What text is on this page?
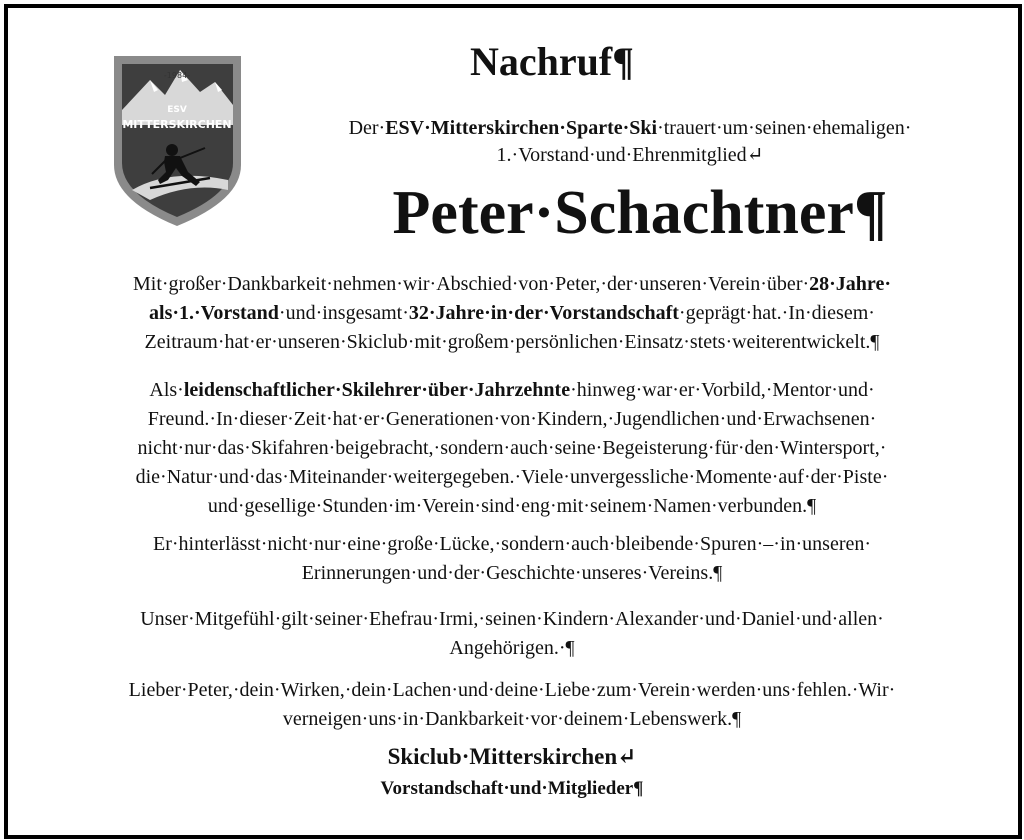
-1984-
ESV
MITTERSKIRCHEN
Nachruf¶
Der·ESV·Mitterskirchen·Sparte·Ski·trauert·um·seinen·ehemaligen·
1.·Vorstand·und·Ehrenmitglied↵
Peter·Schachtner¶
Mit·großer·Dankbarkeit·nehmen·wir·Abschied·von·Peter,·der·unseren·Verein·über·28·Jahre·
als·1.·Vorstand·und·insgesamt·32·Jahre·in·der·Vorstandschaft·geprägt·hat.·In·diesem·
Zeitraum·hat·er·unseren·Skiclub·mit·großem·persönlichen·Einsatz·stets·weiterentwickelt.¶
Als·leidenschaftlicher·Skilehrer·über·Jahrzehnte·hinweg·war·er·Vorbild,·Mentor·und·
Freund.·In·dieser·Zeit·hat·er·Generationen·von·Kindern,·Jugendlichen·und·Erwachsenen·
nicht·nur·das·Skifahren·beigebracht,·sondern·auch·seine·Begeisterung·für·den·Wintersport,·
die·Natur·und·das·Miteinander·weitergegeben.·Viele·unvergessliche·Momente·auf·der·Piste·
und·gesellige·Stunden·im·Verein·sind·eng·mit·seinem·Namen·verbunden.¶
Er·hinterlässt·nicht·nur·eine·große·Lücke,·sondern·auch·bleibende·Spuren·–·in·unseren·
Erinnerungen·und·der·Geschichte·unseres·Vereins.¶
Unser·Mitgefühl·gilt·seiner·Ehefrau·Irmi,·seinen·Kindern·Alexander·und·Daniel·und·allen·
Angehörigen.·¶
Lieber·Peter,·dein·Wirken,·dein·Lachen·und·deine·Liebe·zum·Verein·werden·uns·fehlen.·Wir·
verneigen·uns·in·Dankbarkeit·vor·deinem·Lebenswerk.¶
Skiclub·Mitterskirchen↵
Vorstandschaft·und·Mitglieder¶
